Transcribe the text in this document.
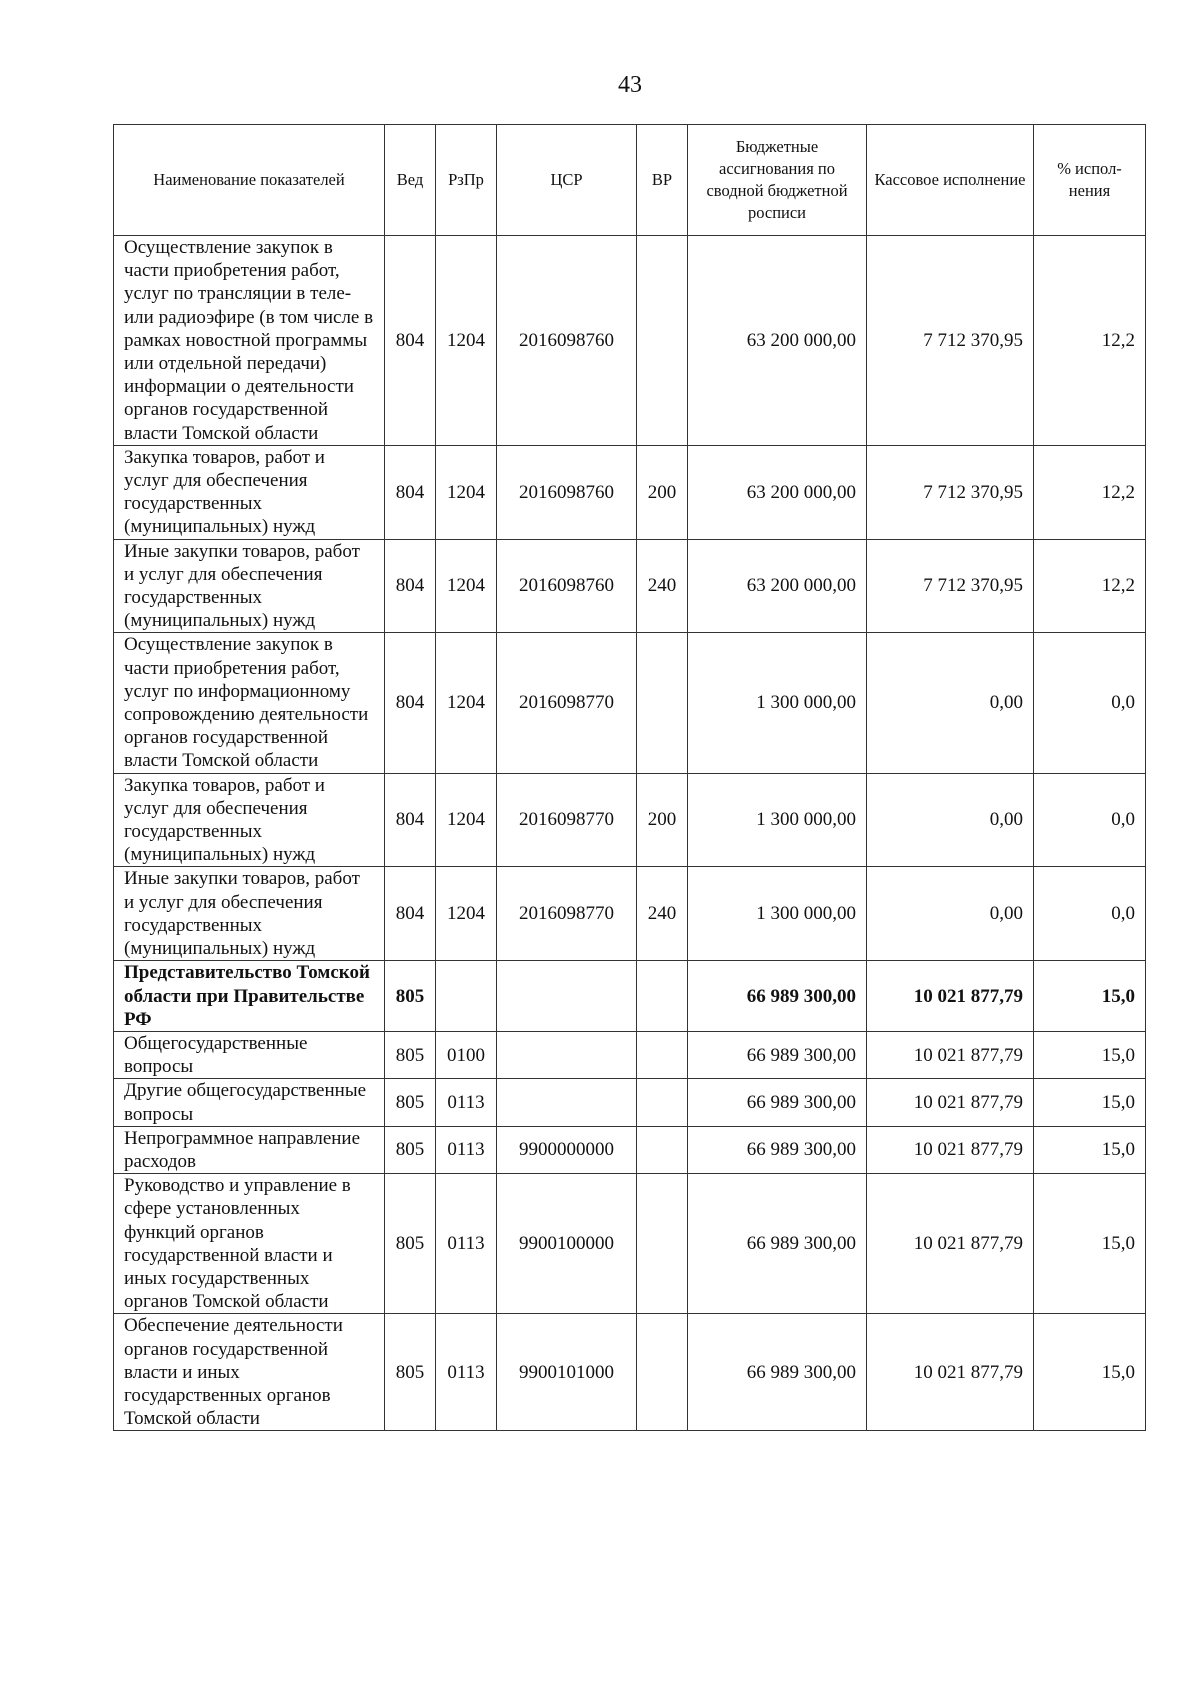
43
Наименование показателей	Вед	РзПр	ЦСР	ВР	Бюджетные ассигнования по сводной бюджетной росписи	Кассовое исполнение	% испол-нения
Осуществление закупок в части приобретения работ, услуг по трансляции в теле- или радиоэфире (в том числе в рамках новостной программы или отдельной передачи) информации о деятельности органов государственной власти Томской области	804	1204	2016098760		63 200 000,00	7 712 370,95	12,2
Закупка товаров, работ и услуг для обеспечения государственных (муниципальных) нужд	804	1204	2016098760	200	63 200 000,00	7 712 370,95	12,2
Иные закупки товаров, работ и услуг для обеспечения государственных (муниципальных) нужд	804	1204	2016098760	240	63 200 000,00	7 712 370,95	12,2
Осуществление закупок в части приобретения работ, услуг по информационному сопровождению деятельности органов государственной власти Томской области	804	1204	2016098770		1 300 000,00	0,00	0,0
Закупка товаров, работ и услуг для обеспечения государственных (муниципальных) нужд	804	1204	2016098770	200	1 300 000,00	0,00	0,0
Иные закупки товаров, работ и услуг для обеспечения государственных (муниципальных) нужд	804	1204	2016098770	240	1 300 000,00	0,00	0,0
Представительство Томской области при Правительстве РФ	805				66 989 300,00	10 021 877,79	15,0
Общегосударственные вопросы	805	0100			66 989 300,00	10 021 877,79	15,0
Другие общегосударственные вопросы	805	0113			66 989 300,00	10 021 877,79	15,0
Непрограммное направление расходов	805	0113	9900000000		66 989 300,00	10 021 877,79	15,0
Руководство и управление в сфере установленных функций органов государственной власти и иных государственных органов Томской области	805	0113	9900100000		66 989 300,00	10 021 877,79	15,0
Обеспечение деятельности органов государственной власти и иных государственных органов Томской области	805	0113	9900101000		66 989 300,00	10 021 877,79	15,0
